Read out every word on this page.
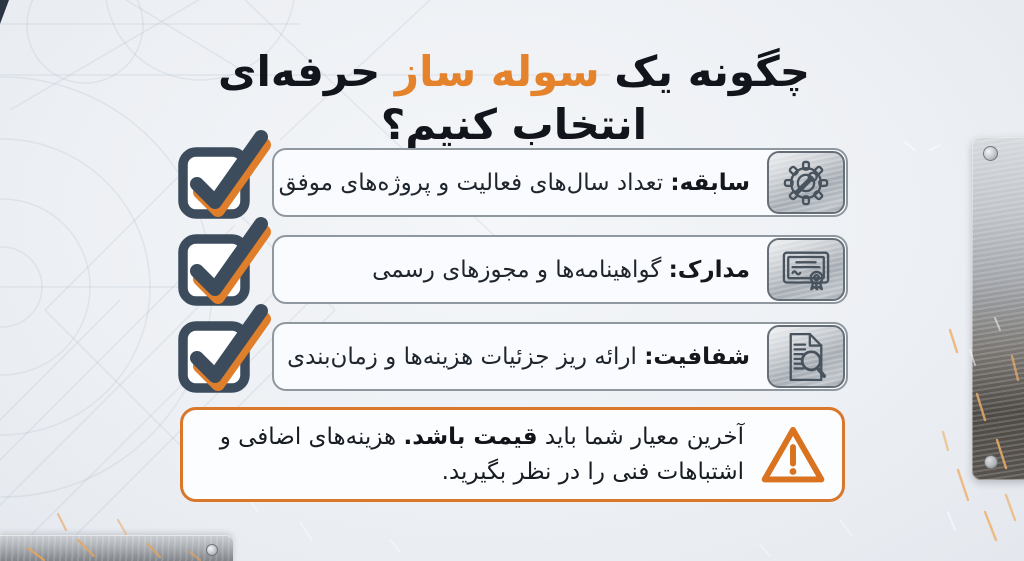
چگونه یک سوله ساز حرفه‌ای انتخاب کنیم؟
سابقه: تعداد سال‌های فعالیت و پروژه‌های موفق
مدارک: گواهینامه‌ها و مجوزهای رسمی
شفافیت: ارائه ریز جزئیات هزینه‌ها و زمان‌بندی
آخرین معیار شما باید قیمت باشد. هزینه‌های اضافی و اشتباهات فنی را در نظر بگیرید.
